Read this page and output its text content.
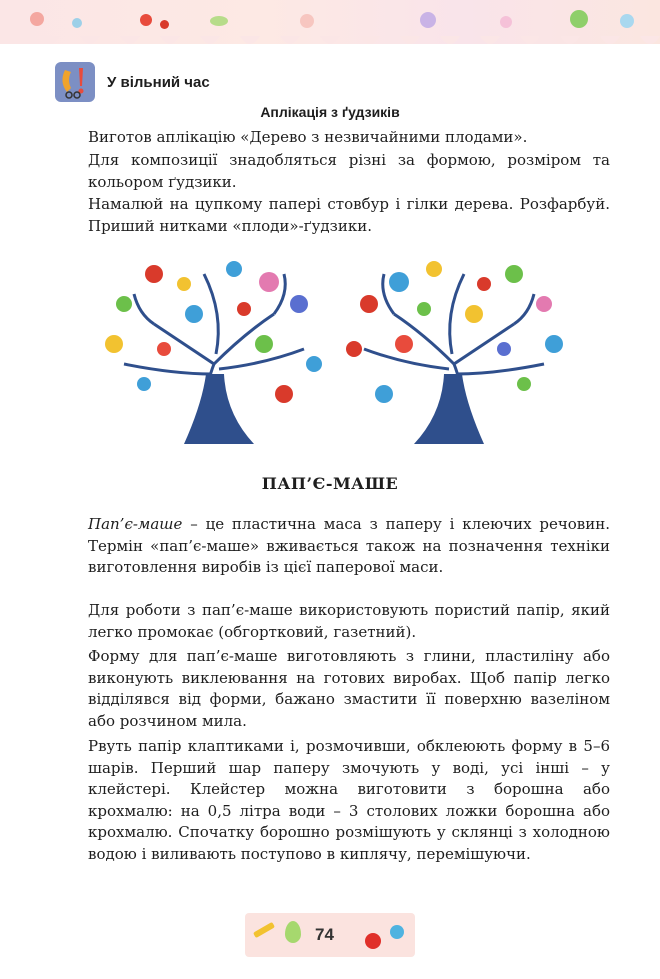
У вільний час
Аплікація з ґудзиків

Виготов аплікацію «Дерево з незвичайними плодами».

Для композиції знадобляться різні за формою, розміром та кольором ґудзики.

Намалюй на цупкому папері стовбур і гілки дерева. Розфарбуй. Приший нитками «плоди»-ґудзики.

ПАП’Є-МАШЕ

Пап’є-маше – це пластична маса з паперу і клеючих речовин. Термін «пап’є-маше» вживається також на позначення техніки виготовлення виробів із цієї паперової маси.

Для роботи з пап’є-маше використовують пористий папір, який легко промокає (обгортковий, газетний).

Форму для пап’є-маше виготовляють з глини, пластиліну або виконують виклеювання на готових виробах. Щоб папір легко відділявся від форми, бажано змастити її поверхню вазеліном або розчином мила.

Рвуть папір клаптиками і, розмочивши, обклеюють форму в 5–6 шарів. Перший шар паперу змочують у воді, усі інші – у клейстері. Клейстер можна виготовити з борошна або крохмалю: на 0,5 літра води – 3 столових ложки борошна або крохмалю. Спочатку борошно розмішують у склянці з холодною водою і виливають поступово в киплячу, перемішуючи.

74
